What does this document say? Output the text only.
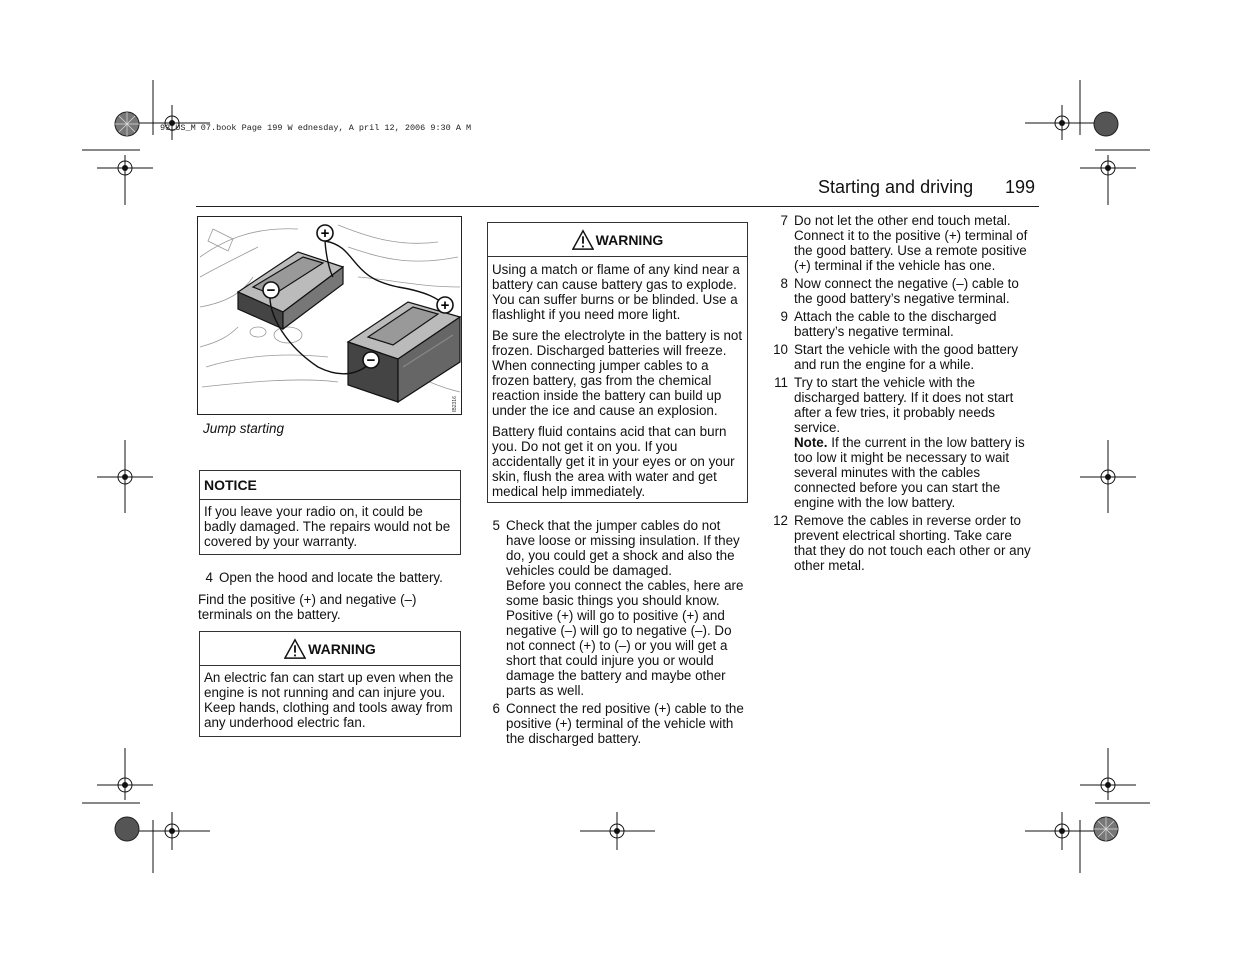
93_US_M 07.book Page 199 W ednesday, A pril 12, 2006 9:30 A M
Starting and driving 199
+
−
+
−
IB2316
Jump starting
NOTICE
If you leave your radio on, it could be badly damaged. The repairs would not be covered by your warranty.
4 Open the hood and locate the battery.
Find the positive (+) and negative (–) terminals on the battery.
WARNING
An electric fan can start up even when the engine is not running and can injure you. Keep hands, clothing and tools away from any underhood electric fan.
WARNING

Using a match or flame of any kind near a battery can cause battery gas to explode. You can suffer burns or be blinded. Use a flashlight if you need more light.

Be sure the electrolyte in the battery is not frozen. Discharged batteries will freeze. When connecting jumper cables to a frozen battery, gas from the chemical reaction inside the battery can build up under the ice and cause an explosion.

Battery fluid contains acid that can burn you. Do not get it on you. If you accidentally get it in your eyes or on your skin, flush the area with water and get medical help immediately.

5 Check that the jumper cables do not have loose or missing insulation. If they do, you could get a shock and also the vehicles could be damaged.
Before you connect the cables, here are some basic things you should know. Positive (+) will go to positive (+) and negative (–) will go to negative (–). Do not connect (+) to (–) or you will get a short that could injure you or would damage the battery and maybe other parts as well.
6 Connect the red positive (+) cable to the positive (+) terminal of the vehicle with the discharged battery.
7 Do not let the other end touch metal. Connect it to the positive (+) terminal of the good battery. Use a remote positive (+) terminal if the vehicle has one.
8 Now connect the negative (–) cable to the good battery’s negative terminal.
9 Attach the cable to the discharged battery’s negative terminal.
10 Start the vehicle with the good battery and run the engine for a while.
11 Try to start the vehicle with the discharged battery. If it does not start after a few tries, it probably needs service.
Note. If the current in the low battery is too low it might be necessary to wait several minutes with the cables connected before you can start the engine with the low battery.
12 Remove the cables in reverse order to prevent electrical shorting. Take care that they do not touch each other or any other metal.
